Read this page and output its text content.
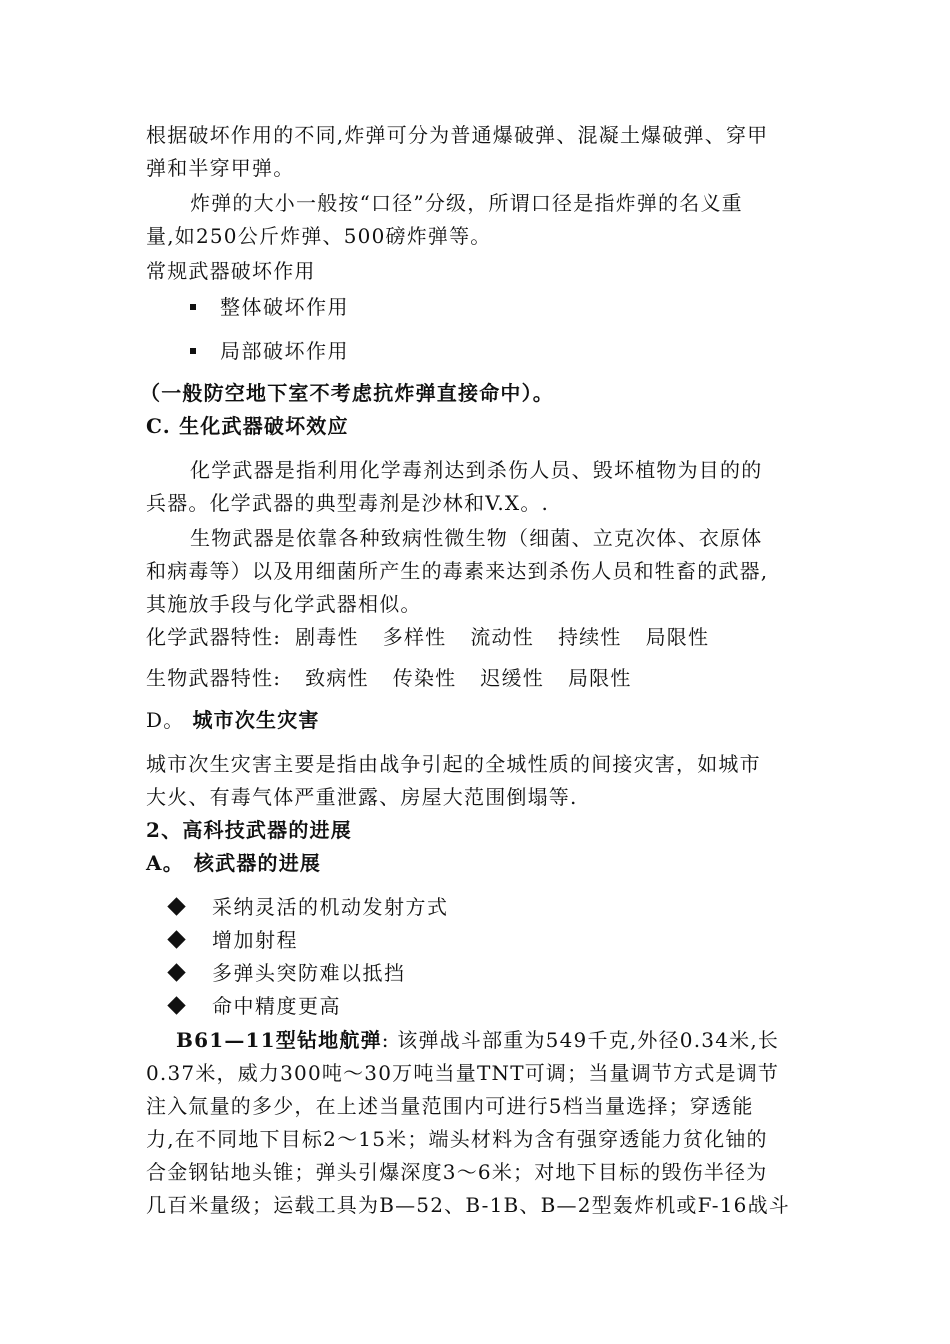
根据破坏作用的不同,炸弹可分为普通爆破弹、混凝土爆破弹、穿甲
弹和半穿甲弹。
炸弹的大小一般按“口径”分级，所谓口径是指炸弹的名义重
量,如250公斤炸弹、500磅炸弹等。
常规武器破坏作用
整体破坏作用
局部破坏作用
（一般防空地下室不考虑抗炸弹直接命中）。
C. 生化武器破坏效应
化学武器是指利用化学毒剂达到杀伤人员、毁坏植物为目的的
兵器。化学武器的典型毒剂是沙林和V.X。.
生物武器是依靠各种致病性微生物（细菌、立克次体、衣原体
和病毒等）以及用细菌所产生的毒素来达到杀伤人员和牲畜的武器,
其施放手段与化学武器相似。
化学武器特性: 剧毒性 多样性 流动性 持续性 局限性
生物武器特性: 致病性 传染性 迟缓性 局限性
D。 城市次生灾害
城市次生灾害主要是指由战争引起的全城性质的间接灾害，如城市
大火、有毒气体严重泄露、房屋大范围倒塌等.
2、高科技武器的进展
A。 核武器的进展
采纳灵活的机动发射方式
增加射程
多弹头突防难以抵挡
命中精度更高
B61—11型钻地航弹: 该弹战斗部重为549千克,外径0.34米,长
0.37米，威力300吨～30万吨当量TNT可调；当量调节方式是调节
注入氚量的多少，在上述当量范围内可进行5档当量选择；穿透能
力,在不同地下目标2～15米；端头材料为含有强穿透能力贫化铀的
合金钢钻地头锥；弹头引爆深度3～6米；对地下目标的毁伤半径为
几百米量级；运载工具为B—52、B-1B、B—2型轰炸机或F-16战斗
